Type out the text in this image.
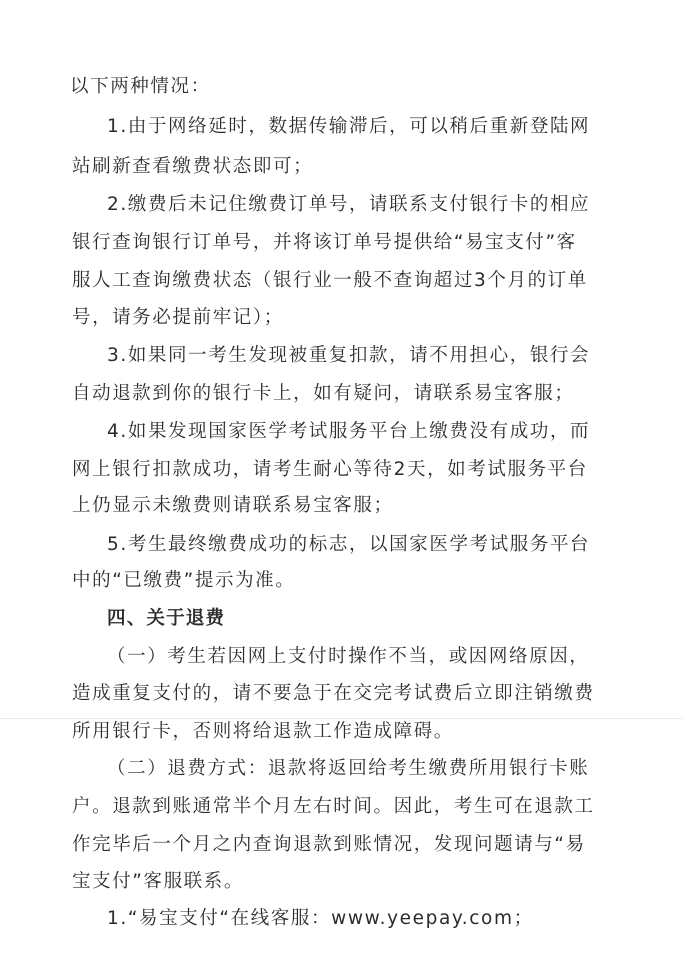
以下两种情况：
1.由于网络延时，数据传输滞后，可以稍后重新登陆网
站刷新查看缴费状态即可；
2.缴费后未记住缴费订单号，请联系支付银行卡的相应
银行查询银行订单号，并将该订单号提供给“易宝支付”客
服人工查询缴费状态（银行业一般不查询超过3个月的订单
号，请务必提前牢记）；
3.如果同一考生发现被重复扣款，请不用担心，银行会
自动退款到你的银行卡上，如有疑问，请联系易宝客服；
4.如果发现国家医学考试服务平台上缴费没有成功，而
网上银行扣款成功，请考生耐心等待2天，如考试服务平台
上仍显示未缴费则请联系易宝客服；
5.考生最终缴费成功的标志，以国家医学考试服务平台
中的“已缴费”提示为准。
四、关于退费
（一）考生若因网上支付时操作不当，或因网络原因，
造成重复支付的，请不要急于在交完考试费后立即注销缴费
所用银行卡，否则将给退款工作造成障碍。
（二）退费方式：退款将返回给考生缴费所用银行卡账
户。退款到账通常半个月左右时间。因此，考生可在退款工
作完毕后一个月之内查询退款到账情况，发现问题请与“易
宝支付”客服联系。
1.“易宝支付“在线客服：www.yeepay.com；
